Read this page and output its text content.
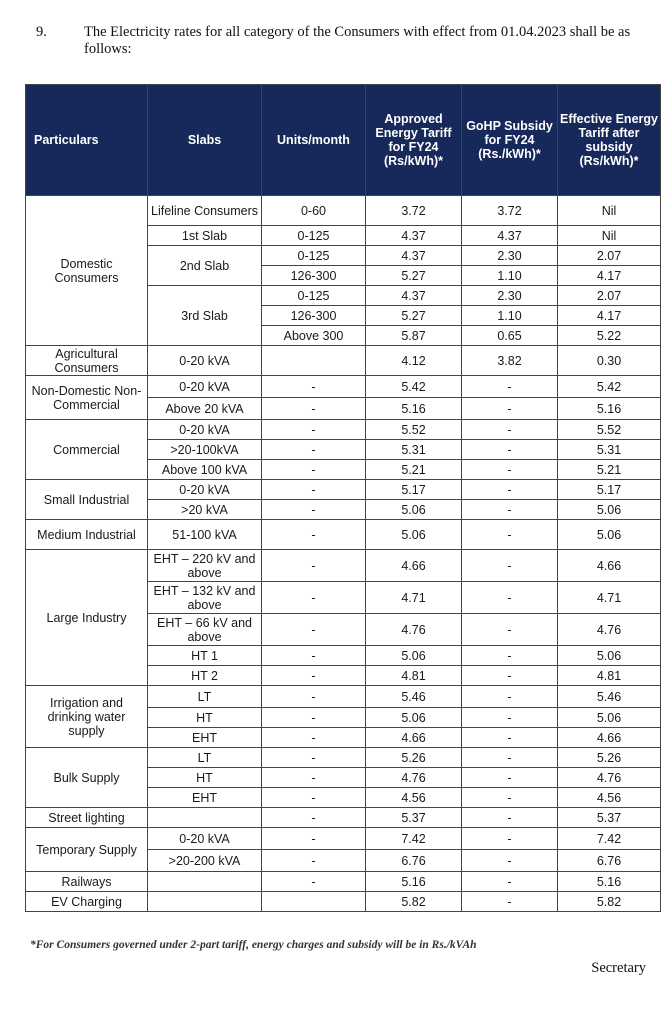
9.	The Electricity rates for all category of the Consumers with effect from 01.04.2023 shall be as follows:
Particulars	Slabs	Units/month	Approved Energy Tariff for FY24 (Rs/kWh)*	GoHP Subsidy for FY24 (Rs./kWh)*	Effective Energy Tariff after subsidy (Rs/kWh)*
Domestic Consumers	Lifeline Consumers	0-60	3.72	3.72	Nil
	1st Slab	0-125	4.37	4.37	Nil
	2nd Slab	0-125	4.37	2.30	2.07
		126-300	5.27	1.10	4.17
	3rd Slab	0-125	4.37	2.30	2.07
		126-300	5.27	1.10	4.17
		Above 300	5.87	0.65	5.22
Agricultural Consumers	0-20 kVA		4.12	3.82	0.30
Non-Domestic Non-Commercial	0-20 kVA	-	5.42	-	5.42
	Above 20 kVA	-	5.16	-	5.16
Commercial	0-20 kVA	-	5.52	-	5.52
	>20-100kVA	-	5.31	-	5.31
	Above 100 kVA	-	5.21	-	5.21
Small Industrial	0-20 kVA	-	5.17	-	5.17
	>20 kVA	-	5.06	-	5.06
Medium Industrial	51-100 kVA	-	5.06	-	5.06
Large Industry	EHT – 220 kV and above	-	4.66	-	4.66
	EHT – 132 kV and above	-	4.71	-	4.71
	EHT – 66 kV and above	-	4.76	-	4.76
	HT 1	-	5.06	-	5.06
	HT 2	-	4.81	-	4.81
Irrigation and drinking water supply	LT	-	5.46	-	5.46
	HT	-	5.06	-	5.06
	EHT	-	4.66	-	4.66
Bulk Supply	LT	-	5.26	-	5.26
	HT	-	4.76	-	4.76
	EHT	-	4.56	-	4.56
Street lighting		-	5.37	-	5.37
Temporary Supply	0-20 kVA	-	7.42	-	7.42
	>20-200 kVA	-	6.76	-	6.76
Railways		-	5.16	-	5.16
EV Charging			5.82	-	5.82
*For Consumers governed under 2-part tariff, energy charges and subsidy will be in Rs./kVAh
Secretary
